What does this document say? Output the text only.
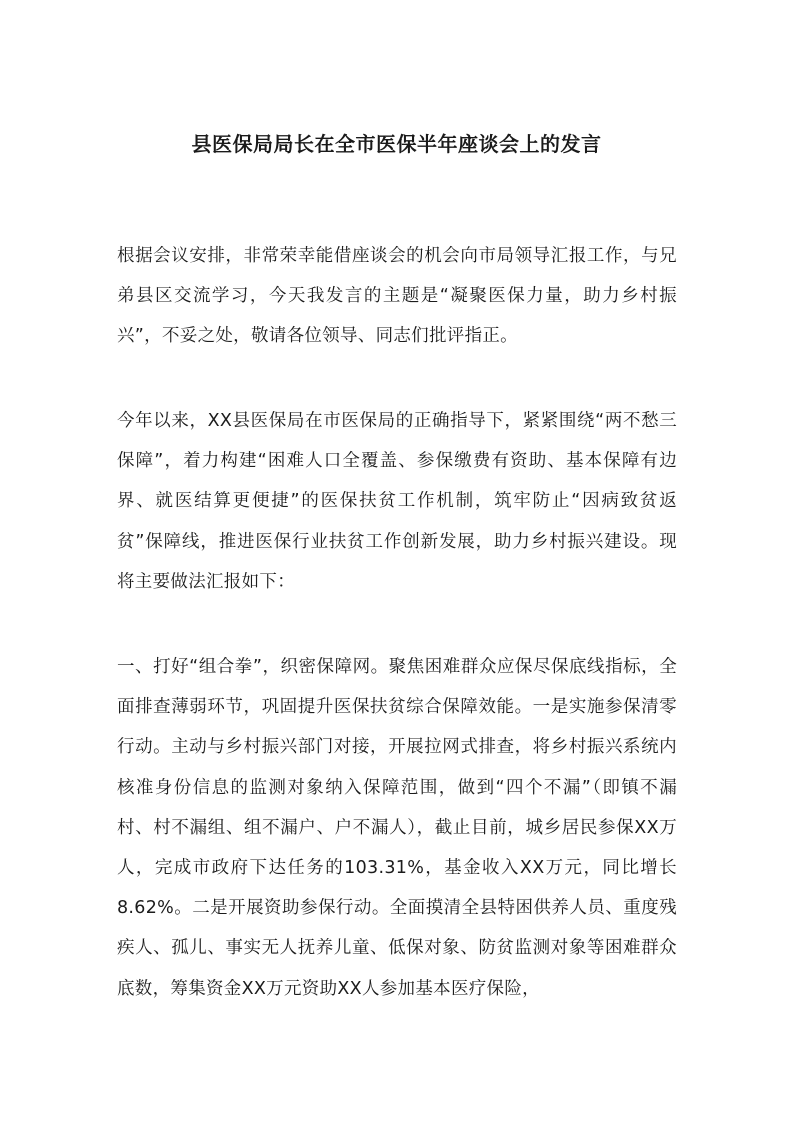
县医保局局长在全市医保半年座谈会上的发言

根据会议安排，非常荣幸能借座谈会的机会向市局领导汇报工作，与兄弟县区交流学习，今天我发言的主题是“凝聚医保力量，助力乡村振兴”，不妥之处，敬请各位领导、同志们批评指正。

今年以来，XX县医保局在市医保局的正确指导下，紧紧围绕“两不愁三保障”，着力构建“困难人口全覆盖、参保缴费有资助、基本保障有边界、就医结算更便捷”的医保扶贫工作机制，筑牢防止“因病致贫返贫”保障线，推进医保行业扶贫工作创新发展，助力乡村振兴建设。现将主要做法汇报如下：

一、打好“组合拳”，织密保障网。聚焦困难群众应保尽保底线指标，全面排查薄弱环节，巩固提升医保扶贫综合保障效能。一是实施参保清零行动。主动与乡村振兴部门对接，开展拉网式排查，将乡村振兴系统内核准身份信息的监测对象纳入保障范围，做到“四个不漏”（即镇不漏村、村不漏组、组不漏户、户不漏人），截止目前，城乡居民参保XX万人，完成市政府下达任务的103.31%，基金收入XX万元，同比增长8.62%。二是开展资助参保行动。全面摸清全县特困供养人员、重度残疾人、孤儿、事实无人抚养儿童、低保对象、防贫监测对象等困难群众底数，筹集资金XX万元资助XX人参加基本医疗保险，
